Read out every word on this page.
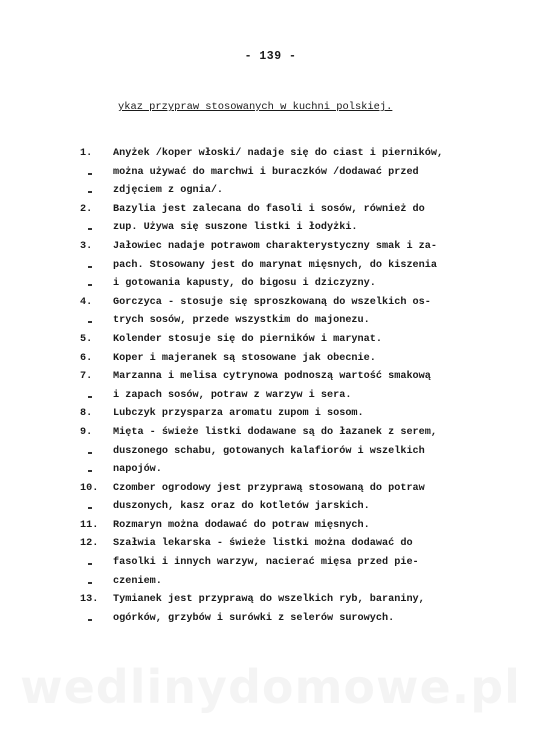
- 139 -
ykaz przypraw stosowanych w kuchni polskiej.
1.	Anyżek /koper włoski/ nadaje się do ciast i pierników,
można używać do marchwi i buraczków /dodawać przed
zdjęciem z ognia/.
2.	Bazylia jest zalecana do fasoli i sosów, również do
zup. Używa się suszone listki i łodyżki.
3.	Jałowiec nadaje potrawom charakterystyczny smak i za-
pach. Stosowany jest do marynat mięsnych, do kiszenia
i gotowania kapusty, do bigosu i dziczyzny.
4.	Gorczyca - stosuje się sproszkowaną do wszelkich os-
trych sosów, przede wszystkim do majonezu.
5.	Kolender stosuje się do pierników i marynat.
6.	Koper i majeranek są stosowane jak obecnie.
7.	Marzanna i melisa cytrynowa podnoszą wartość smakową
i zapach sosów, potraw z warzyw i sera.
8.	Lubczyk przysparza aromatu zupom i sosom.
9.	Mięta - świeże listki dodawane są do łazanek z serem,
duszonego schabu, gotowanych kalafiorów i wszelkich
napojów.
10.	Czomber ogrodowy jest przyprawą stosowaną do potraw
duszonych, kasz oraz do kotletów jarskich.
11.	Rozmaryn można dodawać do potraw mięsnych.
12.	Szałwia lekarska - świeże listki można dodawać do
fasolki i innych warzyw, nacierać mięsa przed pie-
czeniem.
13.	Tymianek jest przyprawą do wszelkich ryb, baraniny,
ogórków, grzybów i surówki z selerów surowych.
